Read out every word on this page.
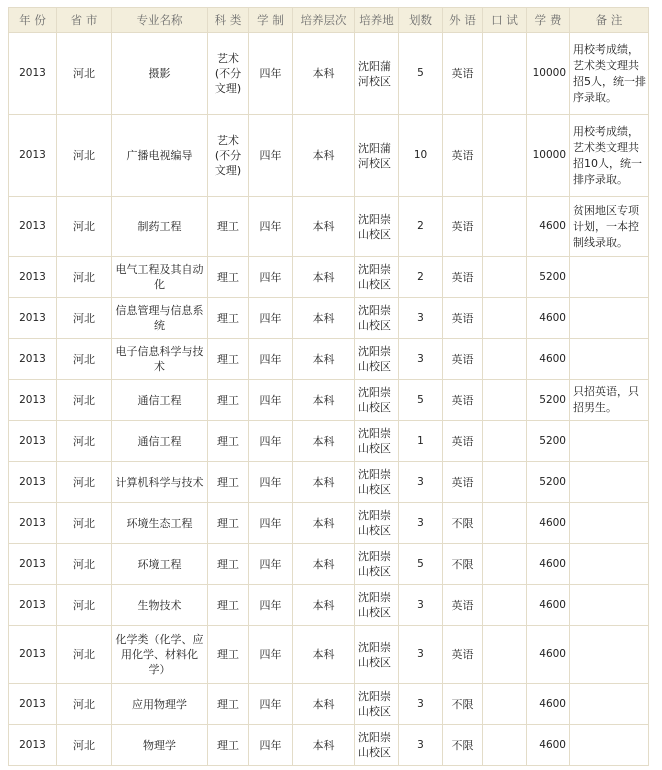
年 份	省 市	专业名称	科 类	学 制	培养层次	培养地	划数	外 语	口 试	学 费	备 注
2013	河北	摄影	艺术(不分文理)	四年	本科	沈阳蒲河校区	5	英语		10000	用校考成绩，艺术类文理共招5人，统一排序录取。
2013	河北	广播电视编导	艺术(不分文理)	四年	本科	沈阳蒲河校区	10	英语		10000	用校考成绩，艺术类文理共招10人，统一排序录取。
2013	河北	制药工程	理工	四年	本科	沈阳崇山校区	2	英语		4600	贫困地区专项计划，一本控制线录取。
2013	河北	电气工程及其自动化	理工	四年	本科	沈阳崇山校区	2	英语		5200	
2013	河北	信息管理与信息系统	理工	四年	本科	沈阳崇山校区	3	英语		4600	
2013	河北	电子信息科学与技术	理工	四年	本科	沈阳崇山校区	3	英语		4600	
2013	河北	通信工程	理工	四年	本科	沈阳崇山校区	5	英语		5200	只招英语，只招男生。
2013	河北	通信工程	理工	四年	本科	沈阳崇山校区	1	英语		5200	
2013	河北	计算机科学与技术	理工	四年	本科	沈阳崇山校区	3	英语		5200	
2013	河北	环境生态工程	理工	四年	本科	沈阳崇山校区	3	不限		4600	
2013	河北	环境工程	理工	四年	本科	沈阳崇山校区	5	不限		4600	
2013	河北	生物技术	理工	四年	本科	沈阳崇山校区	3	英语		4600	
2013	河北	化学类（化学、应用化学、材料化学）	理工	四年	本科	沈阳崇山校区	3	英语		4600	
2013	河北	应用物理学	理工	四年	本科	沈阳崇山校区	3	不限		4600	
2013	河北	物理学	理工	四年	本科	沈阳崇山校区	3	不限		4600	
